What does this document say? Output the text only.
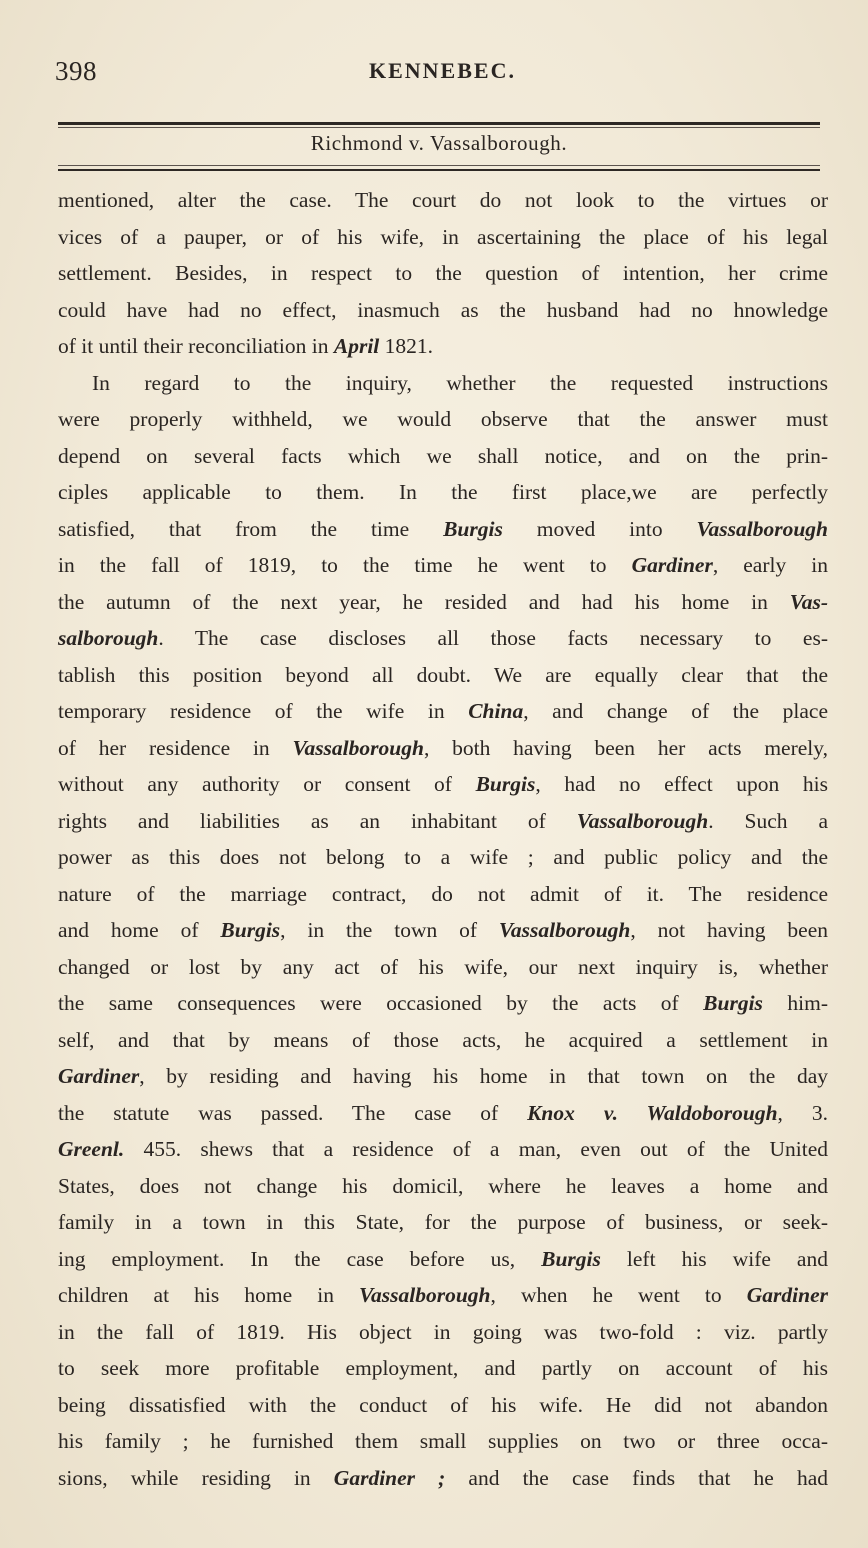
398	KENNEBEC.
Richmond v. Vassalborough.
mentioned, alter the case. The court do not look to the virtues or
vices of a pauper, or of his wife, in ascertaining the place of his legal
settlement. Besides, in respect to the question of intention, her crime
could have had no effect, inasmuch as the husband had no hnowledge
of it until their reconciliation in April 1821.
In regard to the inquiry, whether the requested instructions
were properly withheld, we would observe that the answer must
depend on several facts which we shall notice, and on the prin-
ciples applicable to them. In the first place,we are perfectly
satisfied, that from the time Burgis moved into Vassalborough
in the fall of 1819, to the time he went to Gardiner, early in
the autumn of the next year, he resided and had his home in Vas-
salborough. The case discloses all those facts necessary to es-
tablish this position beyond all doubt. We are equally clear that the
temporary residence of the wife in China, and change of the place
of her residence in Vassalborough, both having been her acts merely,
without any authority or consent of Burgis, had no effect upon his
rights and liabilities as an inhabitant of Vassalborough. Such a
power as this does not belong to a wife ; and public policy and the
nature of the marriage contract, do not admit of it. The residence
and home of Burgis, in the town of Vassalborough, not having been
changed or lost by any act of his wife, our next inquiry is, whether
the same consequences were occasioned by the acts of Burgis him-
self, and that by means of those acts, he acquired a settlement in
Gardiner, by residing and having his home in that town on the day
the statute was passed. The case of Knox v. Waldoborough, 3.
Greenl. 455. shews that a residence of a man, even out of the United
States, does not change his domicil, where he leaves a home and
family in a town in this State, for the purpose of business, or seek-
ing employment. In the case before us, Burgis left his wife and
children at his home in Vassalborough, when he went to Gardiner
in the fall of 1819. His object in going was two-fold : viz. partly
to seek more profitable employment, and partly on account of his
being dissatisfied with the conduct of his wife. He did not abandon
his family ; he furnished them small supplies on two or three occa-
sions, while residing in Gardiner ; and the case finds that he had
